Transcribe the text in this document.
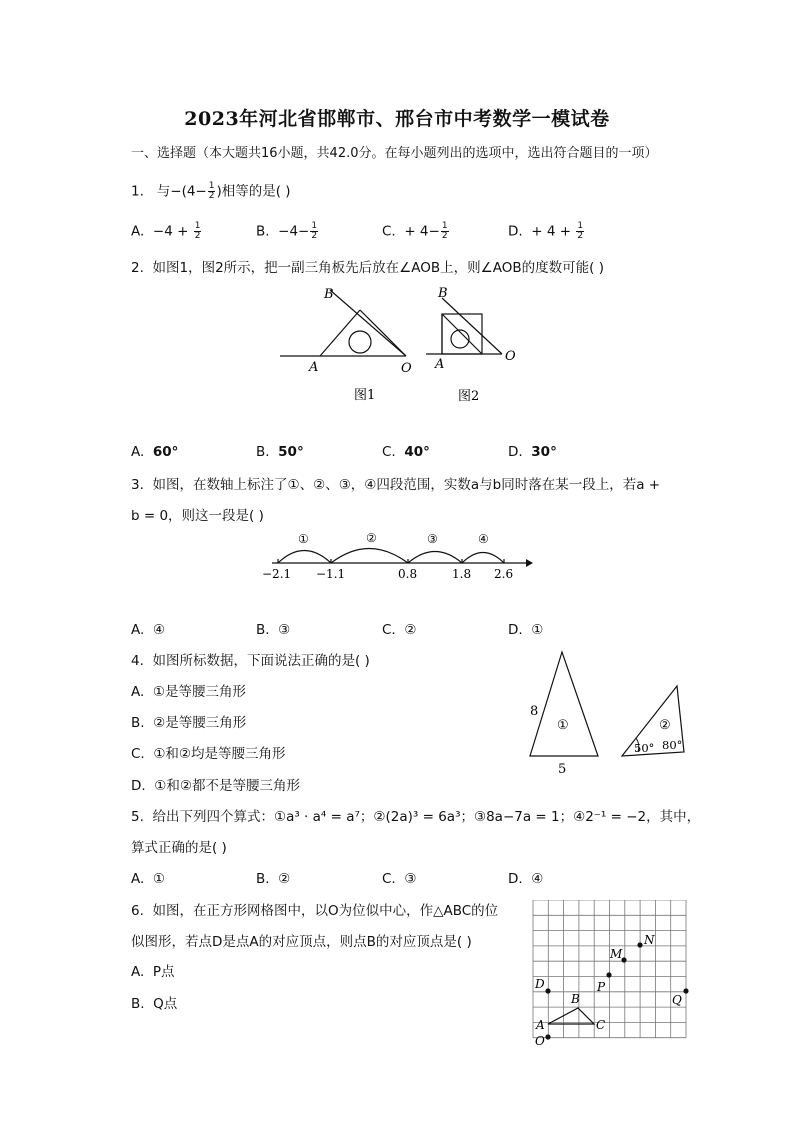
2023年河北省邯郸市、邢台市中考数学一模试卷
一、选择题（本大题共16小题，共42.0分。在每小题列出的选项中，选出符合题目的一项）
1. 与$-(4- \frac{1}{2}$ )相等的是( )
A. $-4 + \frac{1}{2}$	B. $-4- \frac{1}{2}$	C. + $4- \frac{1}{2}$	D. + $4 + \frac{1}{2}$
2. 如图1，图2所示，把一副三角板先后放在∠AOB上，则∠AOB的度数可能( )
B
A	O
图1
B
A
O
图2
A. 60°	B. 50°	C. 40°	D. 30°
3. 如图，在数轴上标注了①、②、③，④四段范围，实数a与b同时落在某一段上，若a +
b = 0，则这一段是( )
①	②	③	④
−2.1 −1.1	0.8	1.8 2.6
A. ④	B. ③	C. ②	D. ①
4. 如图所标数据，下面说法正确的是( )
A. ①是等腰三角形
B. ②是等腰三角形
C. ①和②均是等腰三角形
D. ①和②都不是等腰三角形
8
5
①	②
50° 80°
5. 给出下列四个算式：①a³ · a⁴ = a⁷；②(2a)³ = 6a³；③8a−7a = 1；④2⁻¹ = −2，其中，
算式正确的是( )
A. ①	B. ②	C. ③	D. ④
6. 如图，在正方形网格图中，以O为位似中心，作△ABC的位
似图形，若点D是点A的对应顶点，则点B的对应顶点是( )
A. P点
B. Q点
N
M
P
D
Q
B
A	C
O
